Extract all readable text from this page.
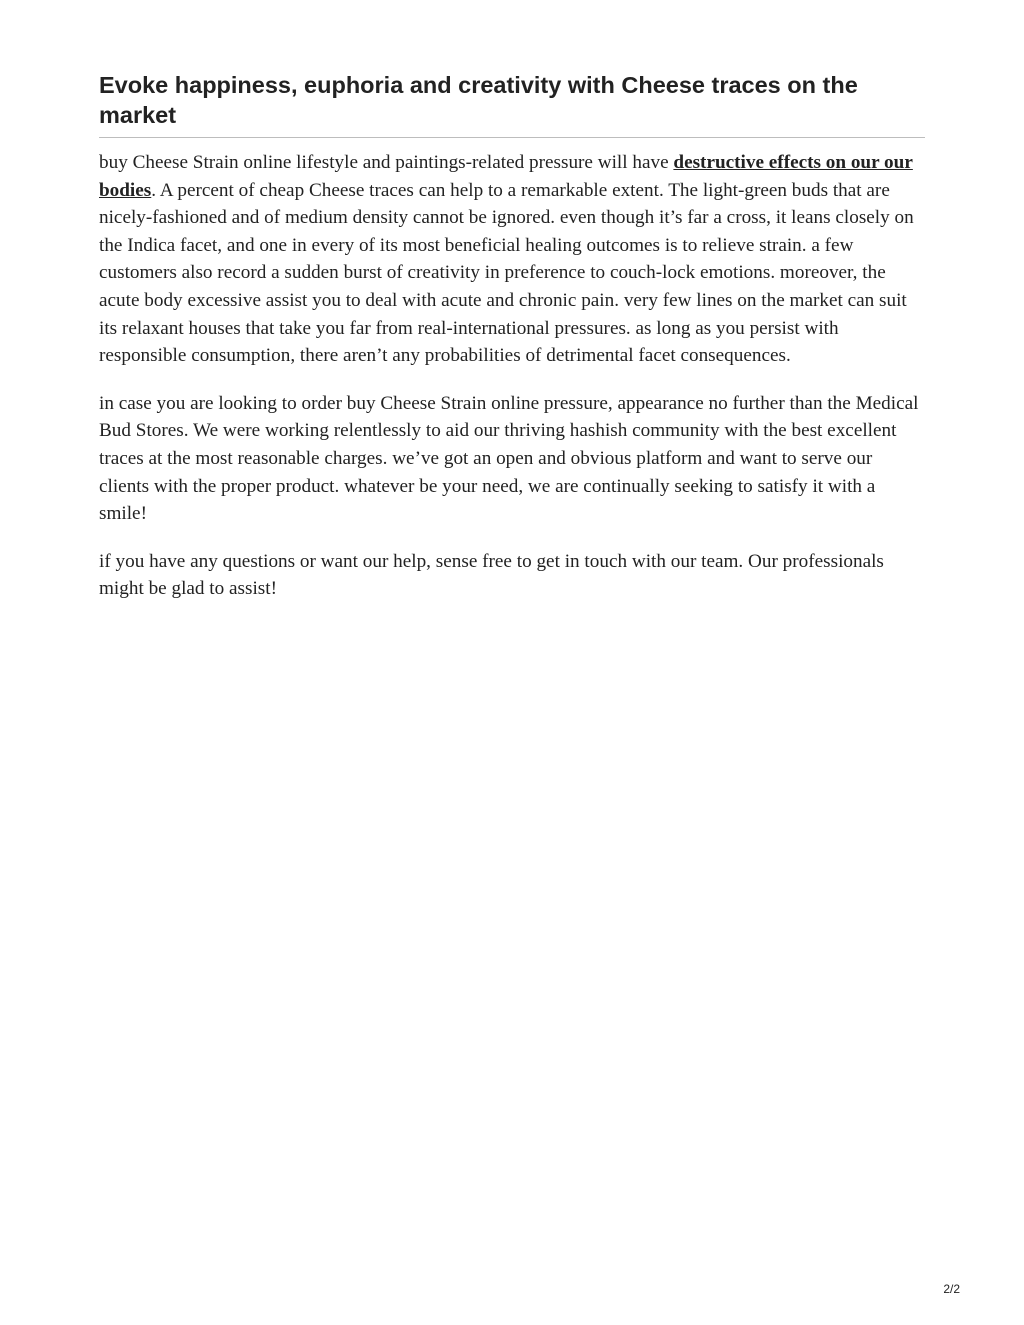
Evoke happiness, euphoria and creativity with Cheese traces on the market

buy Cheese Strain online lifestyle and paintings-related pressure will have destructive effects on our our bodies. A percent of cheap Cheese traces can help to a remarkable extent. The light-green buds that are nicely-fashioned and of medium density cannot be ignored. even though it’s far a cross, it leans closely on the Indica facet, and one in every of its most beneficial healing outcomes is to relieve strain. a few customers also record a sudden burst of creativity in preference to couch-lock emotions. moreover, the acute body excessive assist you to deal with acute and chronic pain. very few lines on the market can suit its relaxant houses that take you far from real-international pressures. as long as you persist with responsible consumption, there aren’t any probabilities of detrimental facet consequences.

in case you are looking to order buy Cheese Strain online pressure, appearance no further than the Medical Bud Stores. We were working relentlessly to aid our thriving hashish community with the best excellent traces at the most reasonable charges. we’ve got an open and obvious platform and want to serve our clients with the proper product. whatever be your need, we are continually seeking to satisfy it with a smile!

if you have any questions or want our help, sense free to get in touch with our team. Our professionals might be glad to assist!

2/2
